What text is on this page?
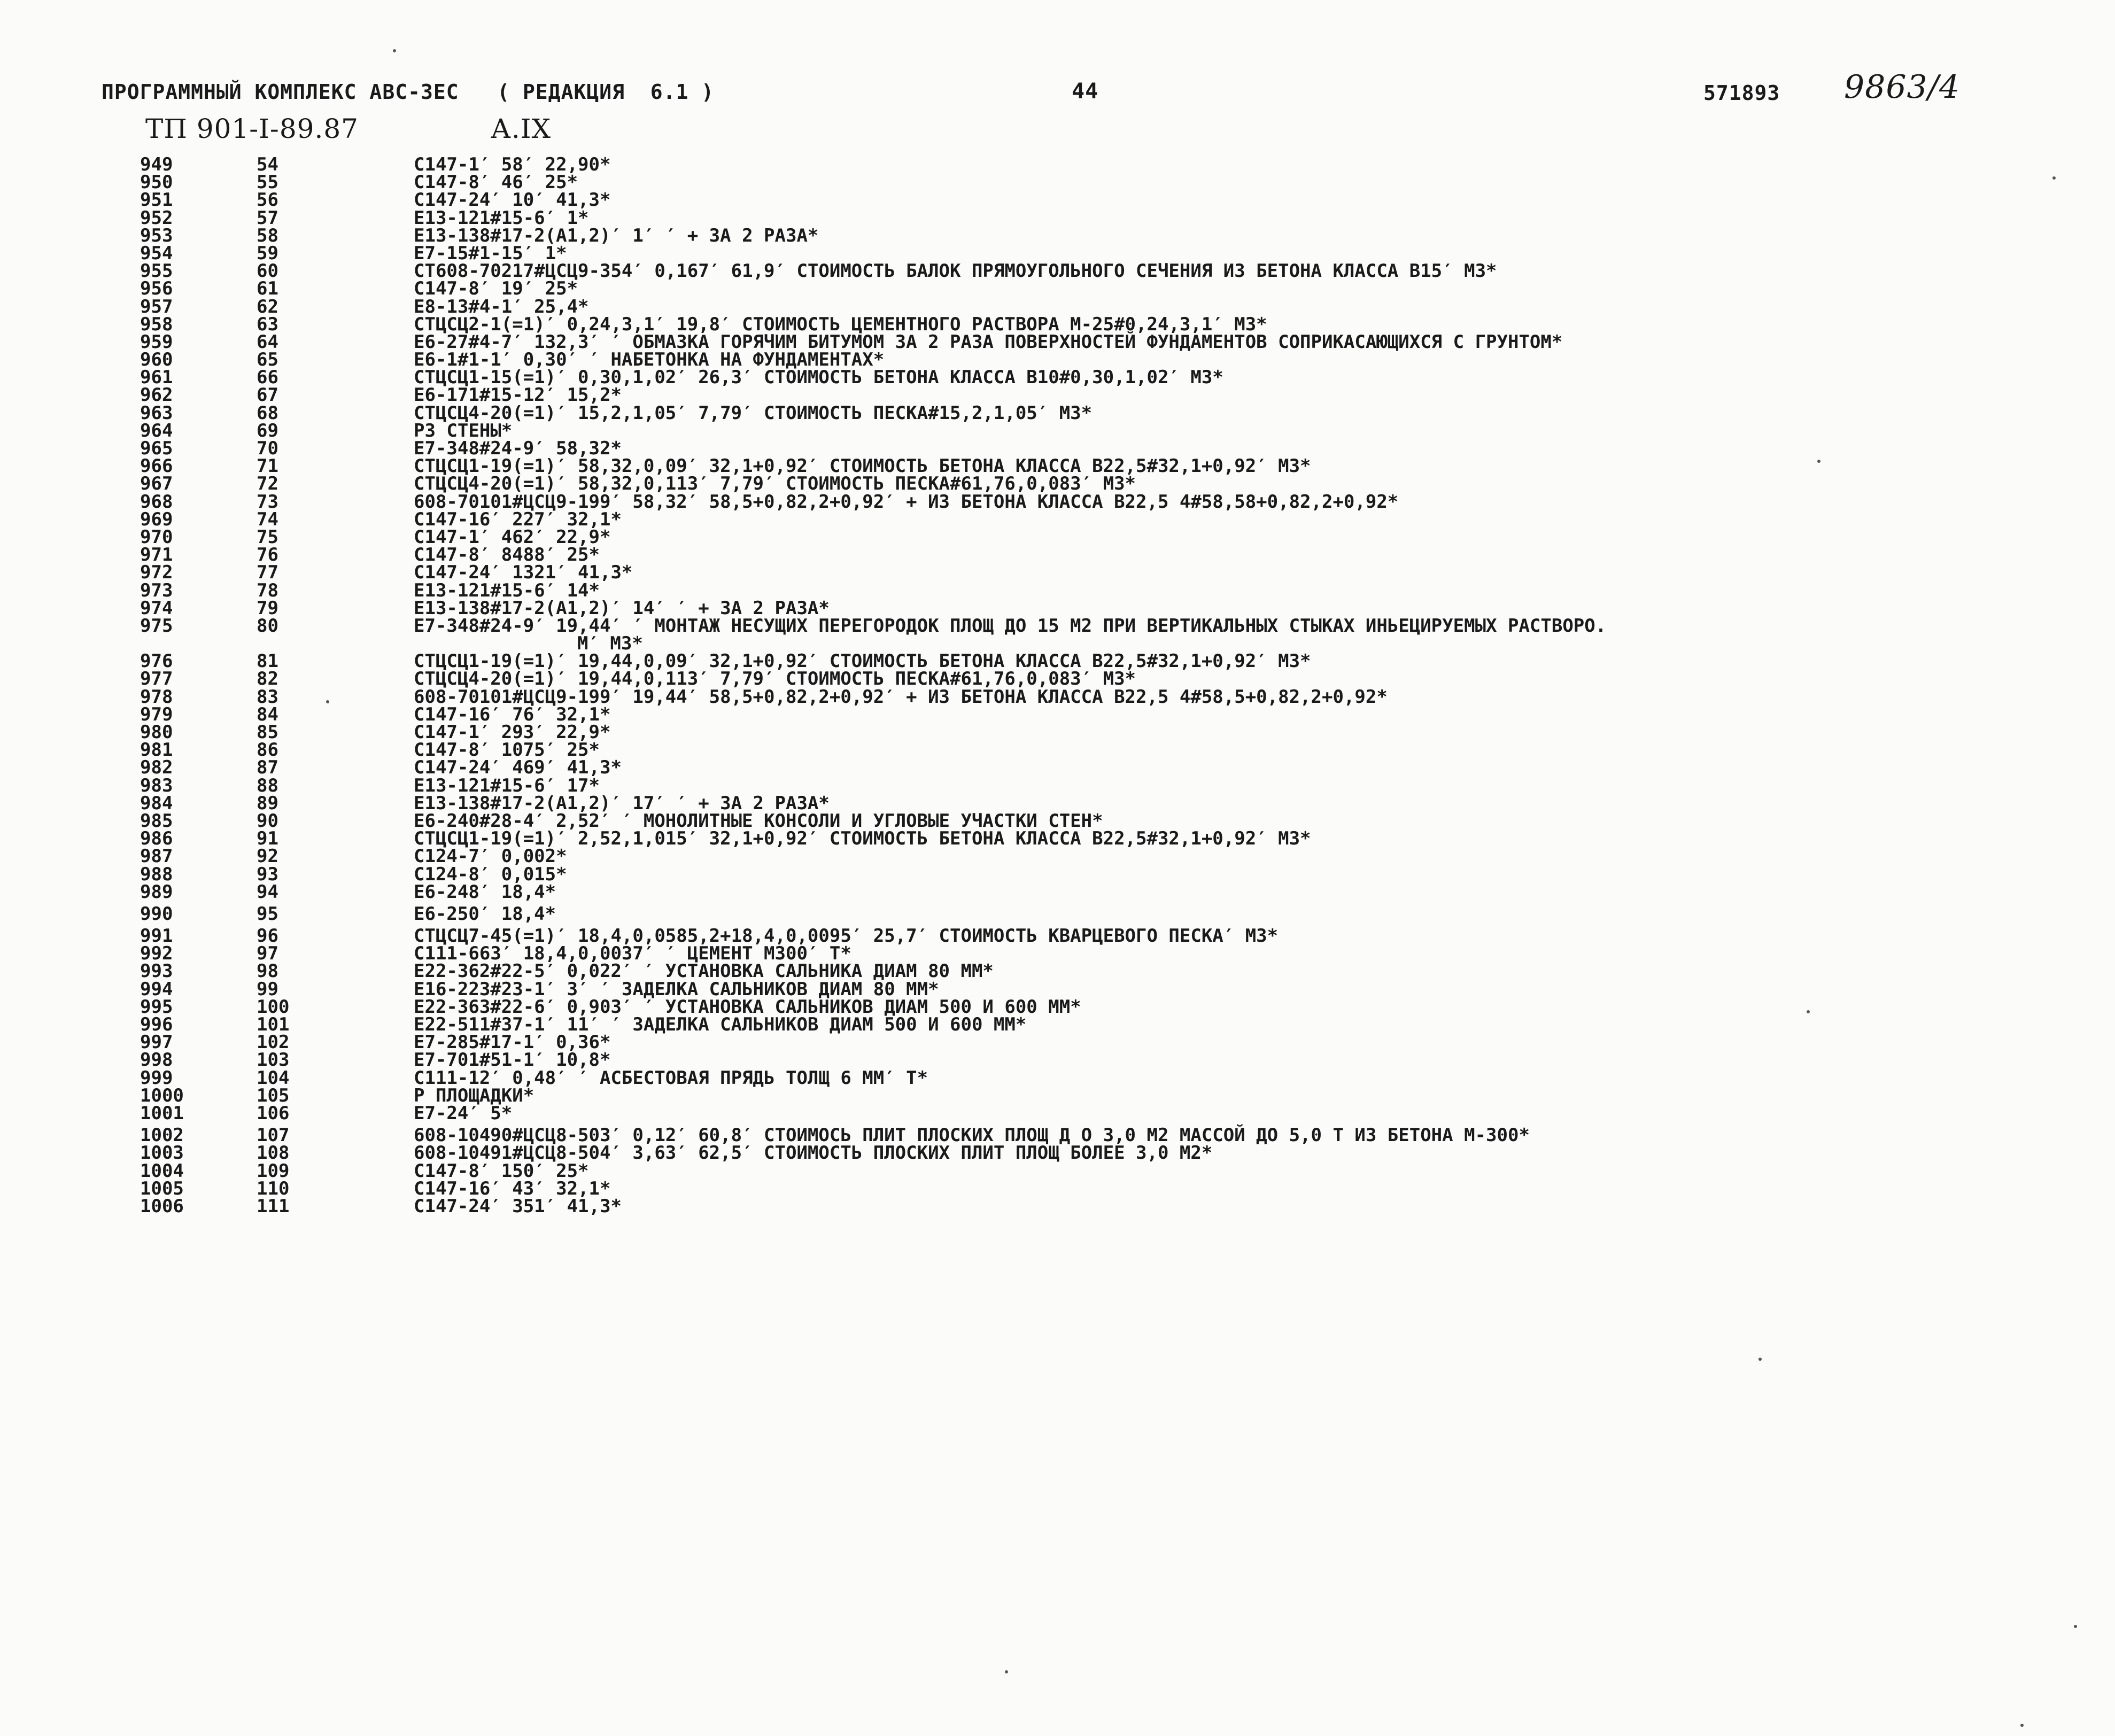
ПРОГРАММНЫЙ КОМПЛЕКС АВС-ЗЕС   ( РЕДАКЦИЯ  6.1 )	44	571893 9863/4
ТП 901-I-89.87	А.IX
949	54	С147-1′ 58′ 22,90*
950	55	С147-8′ 46′ 25*
951	56	С147-24′ 10′ 41,3*
952	57	Е13-121#15-6′ 1*
953	58	Е13-138#17-2(А1,2)′ 1′ ′ + ЗА 2 РАЗА*
954	59	Е7-15#1-15′ 1*
955	60	СТ608-70217#ЦСЦ9-354′ 0,167′ 61,9′ СТОИМОСТЬ БАЛОК ПРЯМОУГОЛЬНОГО СЕЧЕНИЯ ИЗ БЕТОНА КЛАССА В15′ М3*
956	61	С147-8′ 19′ 25*
957	62	Е8-13#4-1′ 25,4*
958	63	СТЦСЦ2-1(=1)′ 0,24,3,1′ 19,8′ СТОИМОСТЬ ЦЕМЕНТНОГО РАСТВОРА М-25#0,24,3,1′ М3*
959	64	Е6-27#4-7′ 132,3′ ′ ОБМАЗКА ГОРЯЧИМ БИТУМОМ ЗА 2 РАЗА ПОВЕРХНОСТЕЙ ФУНДАМЕНТОВ СОПРИКАСАЮЩИХСЯ С ГРУНТОМ*
960	65	Е6-1#1-1′ 0,30′ ′ НАБЕТОНКА НА ФУНДАМЕНТАХ*
961	66	СТЦСЦ1-15(=1)′ 0,30,1,02′ 26,3′ СТОИМОСТЬ БЕТОНА КЛАССА В10#0,30,1,02′ М3*
962	67	Е6-171#15-12′ 15,2*
963	68	СТЦСЦ4-20(=1)′ 15,2,1,05′ 7,79′ СТОИМОСТЬ ПЕСКА#15,2,1,05′ М3*
964	69	Р3 СТЕНЫ*
965	70	Е7-348#24-9′ 58,32*
966	71	СТЦСЦ1-19(=1)′ 58,32,0,09′ 32,1+0,92′ СТОИМОСТЬ БЕТОНА КЛАССА В22,5#32,1+0,92′ М3*
967	72	СТЦСЦ4-20(=1)′ 58,32,0,113′ 7,79′ СТОИМОСТЬ ПЕСКА#61,76,0,083′ М3*
968	73	608-70101#ЦСЦ9-199′ 58,32′ 58,5+0,82,2+0,92′ + ИЗ БЕТОНА КЛАССА В22,5 4#58,58+0,82,2+0,92*
969	74	С147-16′ 227′ 32,1*
970	75	С147-1′ 462′ 22,9*
971	76	С147-8′ 8488′ 25*
972	77	С147-24′ 1321′ 41,3*
973	78	Е13-121#15-6′ 14*
974	79	Е13-138#17-2(А1,2)′ 14′ ′ + ЗА 2 РАЗА*
975	80	Е7-348#24-9′ 19,44′ ′ МОНТАЖ НЕСУЩИХ ПЕРЕГОРОДОК ПЛОЩ ДО 15 М2 ПРИ ВЕРТИКАЛЬНЫХ СТЫКАХ ИНЬЕЦИРУЕМЫХ РАСТВОРО.
М′ М3*
976	81	СТЦСЦ1-19(=1)′ 19,44,0,09′ 32,1+0,92′ СТОИМОСТЬ БЕТОНА КЛАССА В22,5#32,1+0,92′ М3*
977	82	СТЦСЦ4-20(=1)′ 19,44,0,113′ 7,79′ СТОИМОСТЬ ПЕСКА#61,76,0,083′ М3*
978	83	608-70101#ЦСЦ9-199′ 19,44′ 58,5+0,82,2+0,92′ + ИЗ БЕТОНА КЛАССА В22,5 4#58,5+0,82,2+0,92*
979	84	С147-16′ 76′ 32,1*
980	85	С147-1′ 293′ 22,9*
981	86	С147-8′ 1075′ 25*
982	87	С147-24′ 469′ 41,3*
983	88	Е13-121#15-6′ 17*
984	89	Е13-138#17-2(А1,2)′ 17′ ′ + ЗА 2 РАЗА*
985	90	Е6-240#28-4′ 2,52′ ′ МОНОЛИТНЫЕ КОНСОЛИ И УГЛОВЫЕ УЧАСТКИ СТЕН*
986	91	СТЦСЦ1-19(=1)′ 2,52,1,015′ 32,1+0,92′ СТОИМОСТЬ БЕТОНА КЛАССА В22,5#32,1+0,92′ М3*
987	92	С124-7′ 0,002*
988	93	С124-8′ 0,015*
989	94	Е6-248′ 18,4*
990	95	Е6-250′ 18,4*
991	96	СТЦСЦ7-45(=1)′ 18,4,0,0585,2+18,4,0,0095′ 25,7′ СТОИМОСТЬ КВАРЦЕВОГО ПЕСКА′ М3*
992	97	С111-663′ 18,4,0,0037′ ′ ЦЕМЕНТ М300′ Т*
993	98	Е22-362#22-5′ 0,022′ ′ УСТАНОВКА САЛЬНИКА ДИАМ 80 ММ*
994	99	Е16-223#23-1′ 3′ ′ ЗАДЕЛКА САЛЬНИКОВ ДИАМ 80 ММ*
995	100	Е22-363#22-6′ 0,903′ ′ УСТАНОВКА САЛЬНИКОВ ДИАМ 500 И 600 ММ*
996	101	Е22-511#37-1′ 11′ ′ ЗАДЕЛКА САЛЬНИКОВ ДИАМ 500 И 600 ММ*
997	102	Е7-285#17-1′ 0,36*
998	103	Е7-701#51-1′ 10,8*
999	104	С111-12′ 0,48′ ′ АСБЕСТОВАЯ ПРЯДЬ ТОЛЩ 6 ММ′ Т*
1000	105	Р ПЛОЩАДКИ*
1001	106	Е7-24′ 5*
1002	107	608-10490#ЦСЦ8-503′ 0,12′ 60,8′ СТОИМОСЬ ПЛИТ ПЛОСКИХ ПЛОЩ Д О 3,0 М2 МАССОЙ ДО 5,0 Т ИЗ БЕТОНА М-300*
1003	108	608-10491#ЦСЦ8-504′ 3,63′ 62,5′ СТОИМОСТЬ ПЛОСКИХ ПЛИТ ПЛОЩ БОЛЕЕ 3,0 М2*
1004	109	С147-8′ 150′ 25*
1005	110	С147-16′ 43′ 32,1*
1006	111	С147-24′ 351′ 41,3*
